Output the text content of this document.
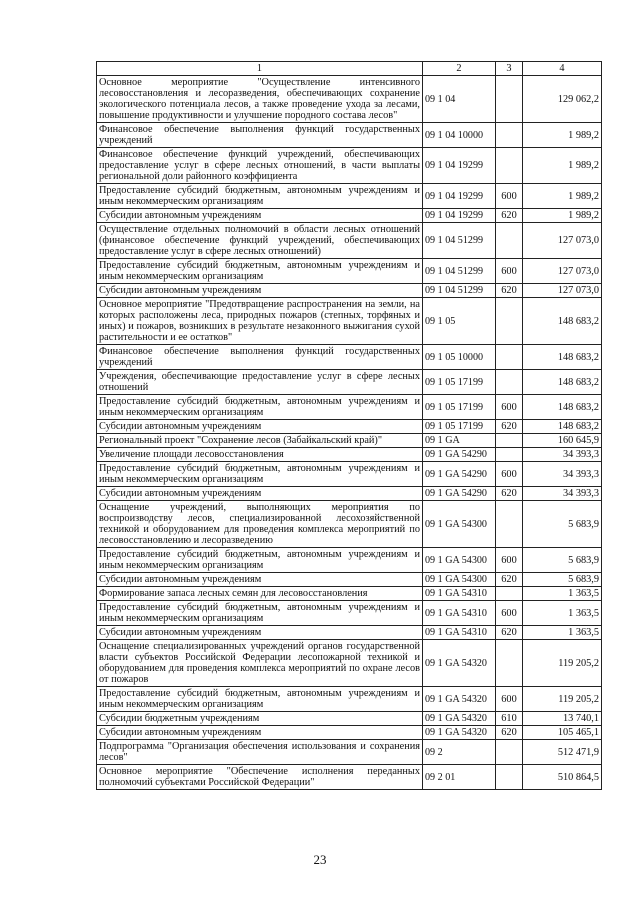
1	2	3	4
Основное мероприятие "Осуществление интенсивного лесовосстановления и лесоразведения, обеспечивающих сохранение экологического потенциала лесов, а также проведение ухода за лесами, повышение продуктивности и улучшение породного состава лесов"	09 1 04		129 062,2
Финансовое обеспечение выполнения функций государственных учреждений	09 1 04 10000		1 989,2
Финансовое обеспечение функций учреждений, обеспечивающих предоставление услуг в сфере лесных отношений, в части выплаты региональной доли районного коэффициента	09 1 04 19299		1 989,2
Предоставление субсидий бюджетным, автономным учреждениям и иным некоммерческим организациям	09 1 04 19299	600	1 989,2
Субсидии автономным учреждениям	09 1 04 19299	620	1 989,2
Осуществление отдельных полномочий в области лесных отношений (финансовое обеспечение функций учреждений, обеспечивающих предоставление услуг в сфере лесных отношений)	09 1 04 51299		127 073,0
Предоставление субсидий бюджетным, автономным учреждениям и иным некоммерческим организациям	09 1 04 51299	600	127 073,0
Субсидии автономным учреждениям	09 1 04 51299	620	127 073,0
Основное мероприятие "Предотвращение распространения на земли, на которых расположены леса, природных пожаров (степных, торфяных и иных) и пожаров, возникших в результате незаконного выжигания сухой растительности и ее остатков"	09 1 05		148 683,2
Финансовое обеспечение выполнения функций государственных учреждений	09 1 05 10000		148 683,2
Учреждения, обеспечивающие предоставление услуг в сфере лесных отношений	09 1 05 17199		148 683,2
Предоставление субсидий бюджетным, автономным учреждениям и иным некоммерческим организациям	09 1 05 17199	600	148 683,2
Субсидии автономным учреждениям	09 1 05 17199	620	148 683,2
Региональный проект "Сохранение лесов (Забайкальский край)"	09 1 GA		160 645,9
Увеличение площади лесовосстановления	09 1 GA 54290		34 393,3
Предоставление субсидий бюджетным, автономным учреждениям и иным некоммерческим организациям	09 1 GA 54290	600	34 393,3
Субсидии автономным учреждениям	09 1 GA 54290	620	34 393,3
Оснащение учреждений, выполняющих мероприятия по воспроизводству лесов, специализированной лесохозяйственной техникой и оборудованием для проведения комплекса мероприятий по лесовосстановлению и лесоразведению	09 1 GA 54300		5 683,9
Предоставление субсидий бюджетным, автономным учреждениям и иным некоммерческим организациям	09 1 GA 54300	600	5 683,9
Субсидии автономным учреждениям	09 1 GA 54300	620	5 683,9
Формирование запаса лесных семян для лесовосстановления	09 1 GA 54310		1 363,5
Предоставление субсидий бюджетным, автономным учреждениям и иным некоммерческим организациям	09 1 GA 54310	600	1 363,5
Субсидии автономным учреждениям	09 1 GA 54310	620	1 363,5
Оснащение специализированных учреждений органов государственной власти субъектов Российской Федерации лесопожарной техникой и оборудованием для проведения комплекса мероприятий по охране лесов от пожаров	09 1 GA 54320		119 205,2
Предоставление субсидий бюджетным, автономным учреждениям и иным некоммерческим организациям	09 1 GA 54320	600	119 205,2
Субсидии бюджетным учреждениям	09 1 GA 54320	610	13 740,1
Субсидии автономным учреждениям	09 1 GA 54320	620	105 465,1
Подпрограмма "Организация обеспечения использования и сохранения лесов"	09 2		512 471,9
Основное мероприятие "Обеспечение исполнения переданных полномочий субъектами Российской Федерации"	09 2 01		510 864,5
23
